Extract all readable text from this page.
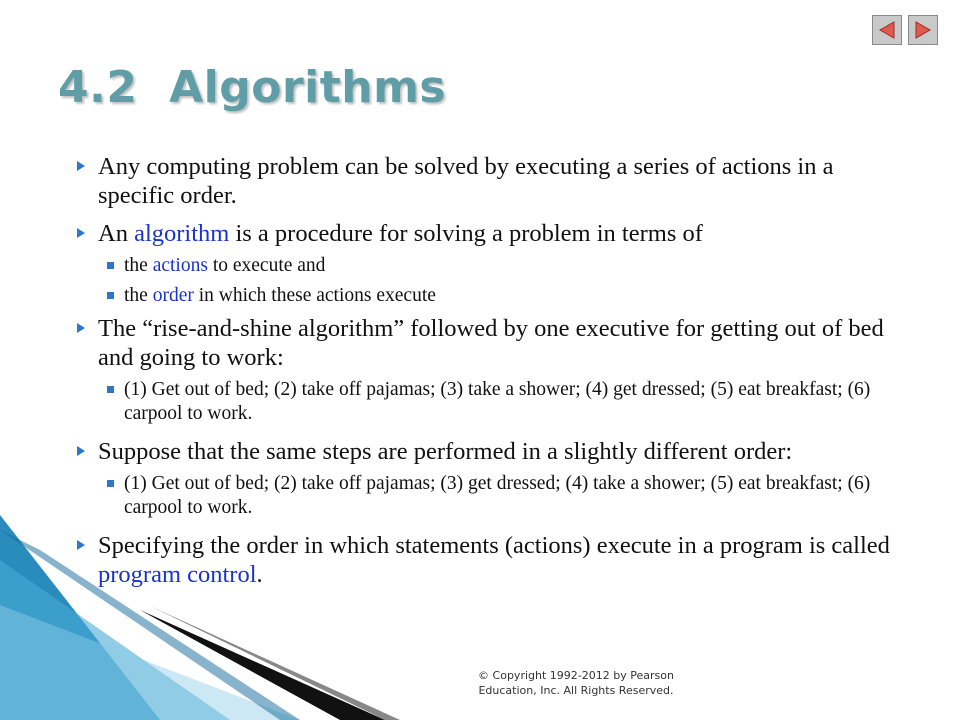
4.2  Algorithms
Any computing problem can be solved by executing a series of actions in a specific order.
An algorithm is a procedure for solving a problem in terms of
the actions to execute and
the order in which these actions execute
The “rise-and-shine algorithm” followed by one executive for getting out of bed and going to work:
(1) Get out of bed; (2) take off pajamas; (3) take a shower; (4) get dressed; (5) eat breakfast; (6) carpool to work.
Suppose that the same steps are performed in a slightly different order:
(1) Get out of bed; (2) take off pajamas; (3) get dressed; (4) take a shower; (5) eat breakfast; (6) carpool to work.
Specifying the order in which statements (actions) execute in a program is called program control.
© Copyright 1992-2012 by Pearson
Education, Inc. All Rights Reserved.
